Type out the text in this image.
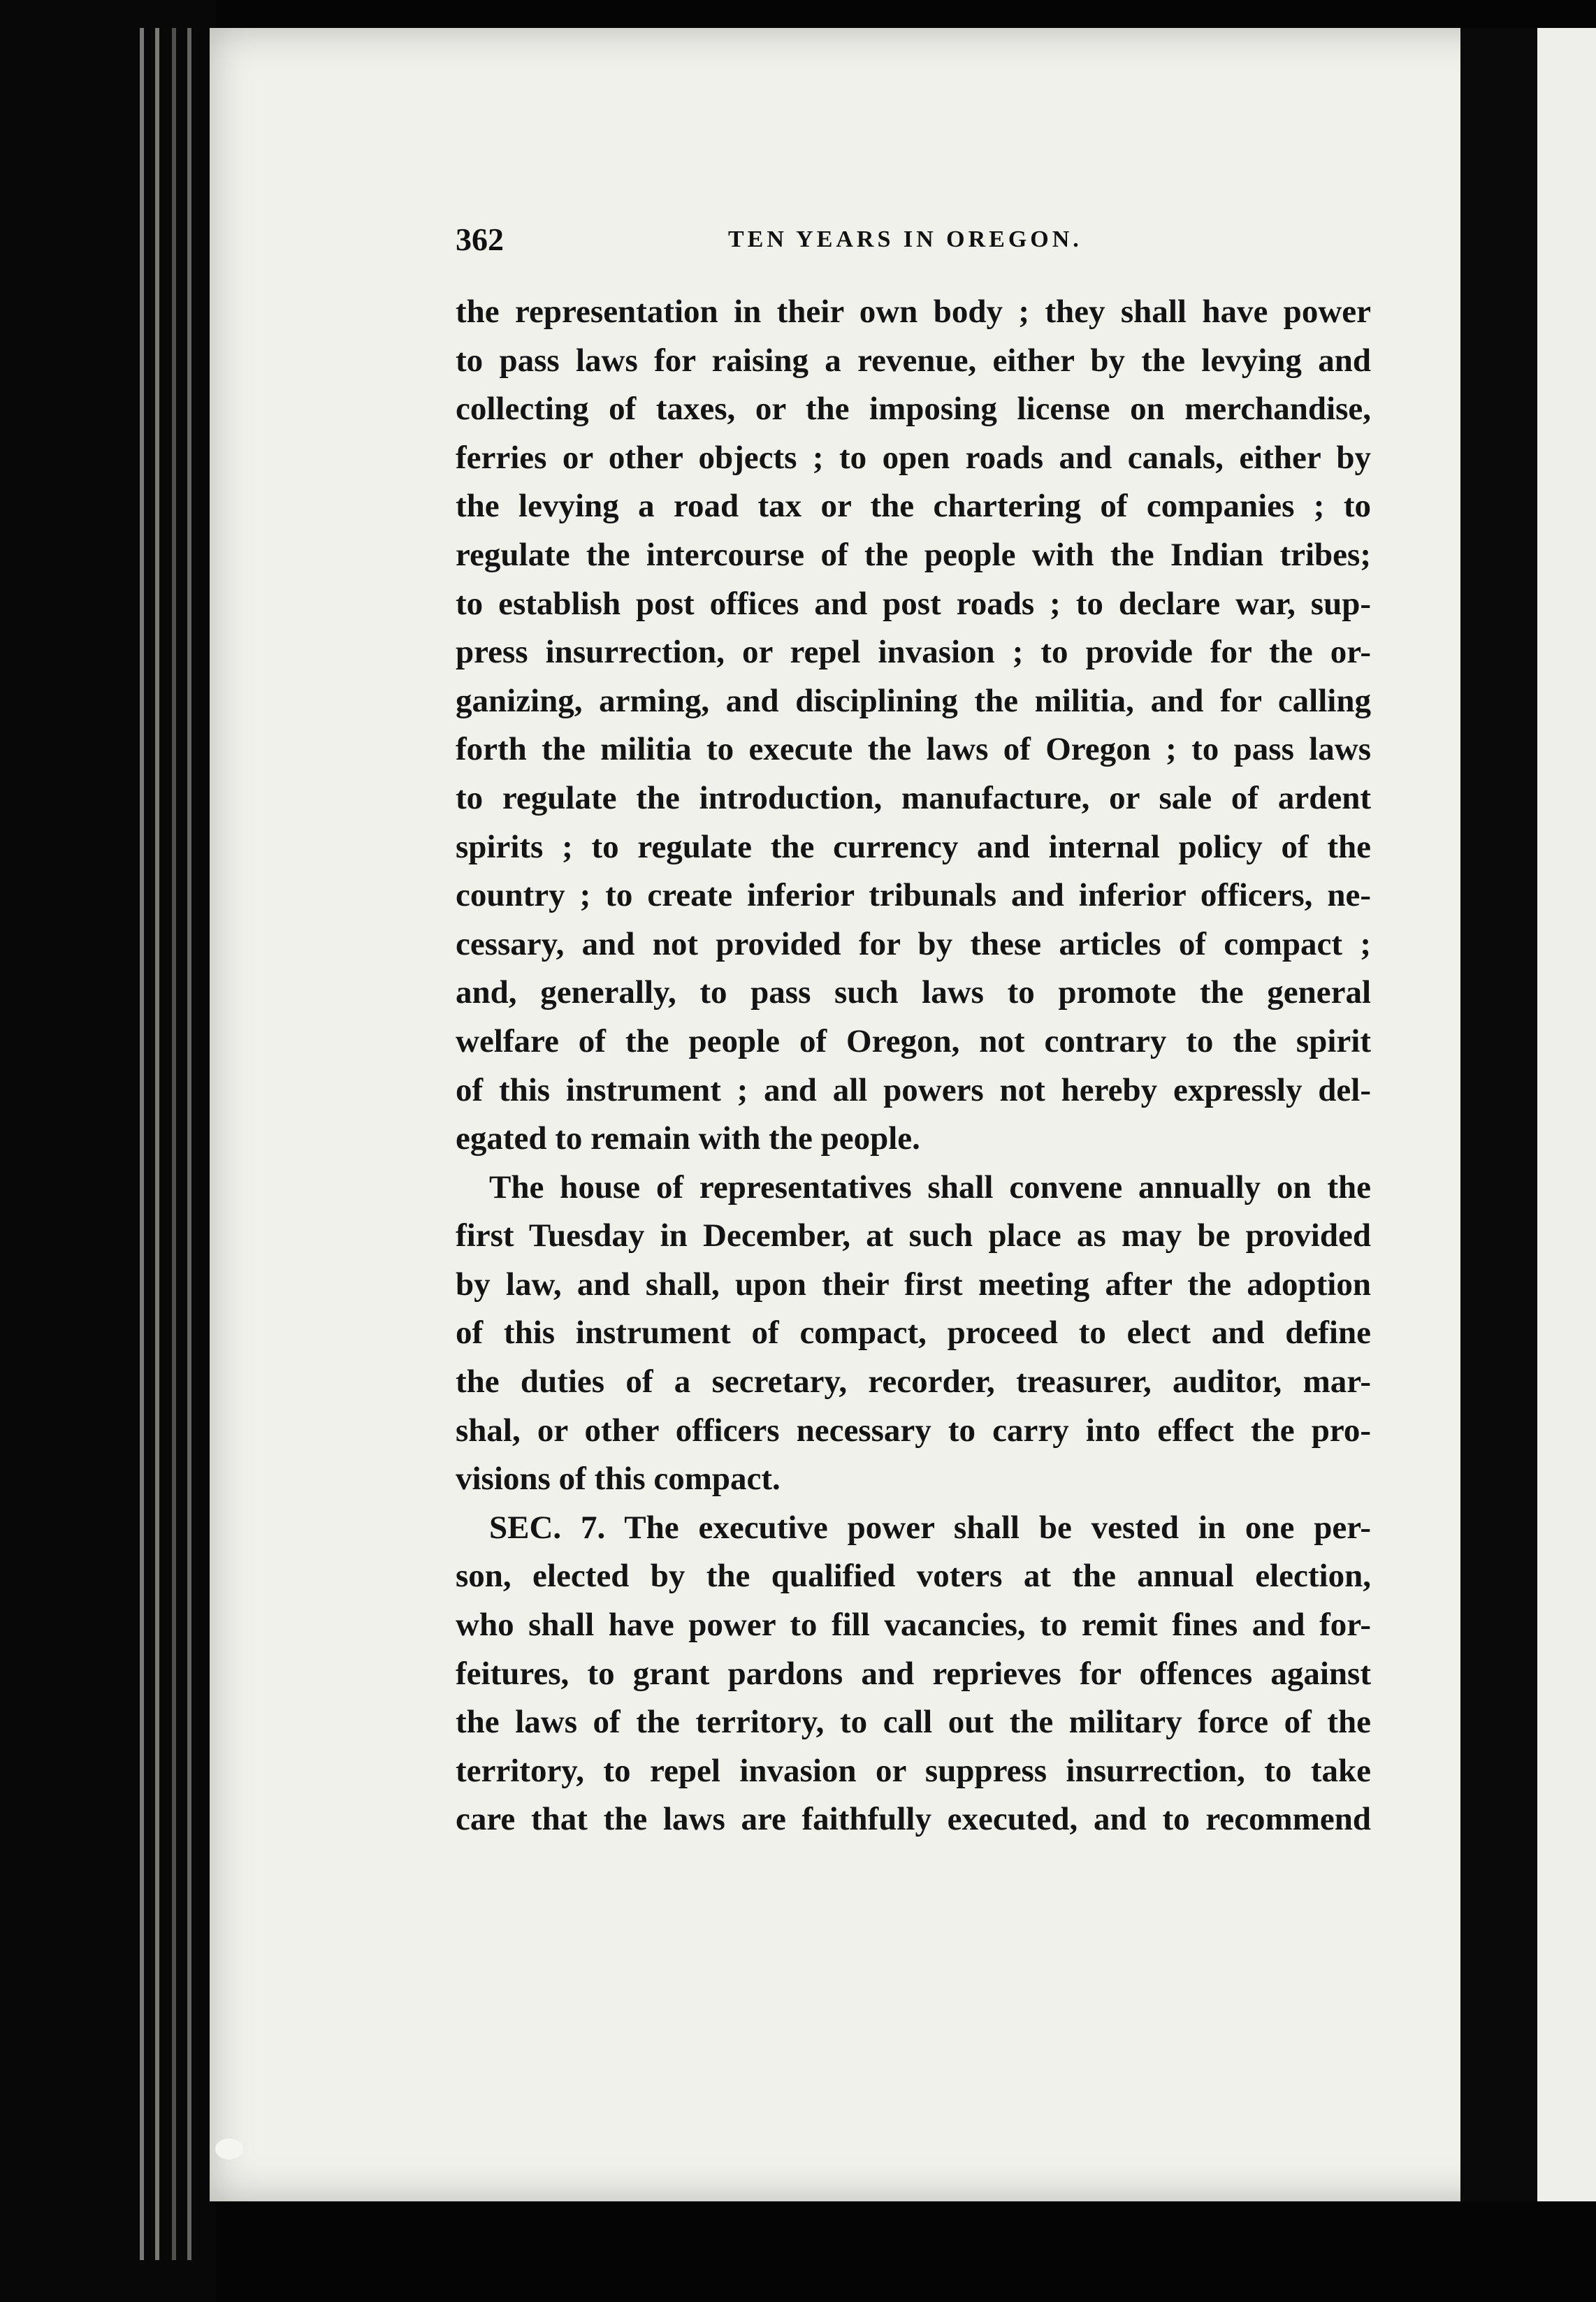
362	TEN YEARS IN OREGON.
the representation in their own body ; they shall have power
to pass laws for raising a revenue, either by the levying and
collecting of taxes, or the imposing license on merchandise,
ferries or other objects ; to open roads and canals, either by
the levying a road tax or the chartering of companies ; to
regulate the intercourse of the people with the Indian tribes;
to establish post offices and post roads ; to declare war, sup-
press insurrection, or repel invasion ; to provide for the or-
ganizing, arming, and disciplining the militia, and for calling
forth the militia to execute the laws of Oregon ; to pass laws
to regulate the introduction, manufacture, or sale of ardent
spirits ; to regulate the currency and internal policy of the
country ; to create inferior tribunals and inferior officers, ne-
cessary, and not provided for by these articles of compact ;
and, generally, to pass such laws to promote the general
welfare of the people of Oregon, not contrary to the spirit
of this instrument ; and all powers not hereby expressly del-
egated to remain with the people.
The house of representatives shall convene annually on the
first Tuesday in December, at such place as may be provided
by law, and shall, upon their first meeting after the adoption
of this instrument of compact, proceed to elect and define
the duties of a secretary, recorder, treasurer, auditor, mar-
shal, or other officers necessary to carry into effect the pro-
visions of this compact.
SEC. 7. The executive power shall be vested in one per-
son, elected by the qualified voters at the annual election,
who shall have power to fill vacancies, to remit fines and for-
feitures, to grant pardons and reprieves for offences against
the laws of the territory, to call out the military force of the
territory, to repel invasion or suppress insurrection, to take
care that the laws are faithfully executed, and to recommend
